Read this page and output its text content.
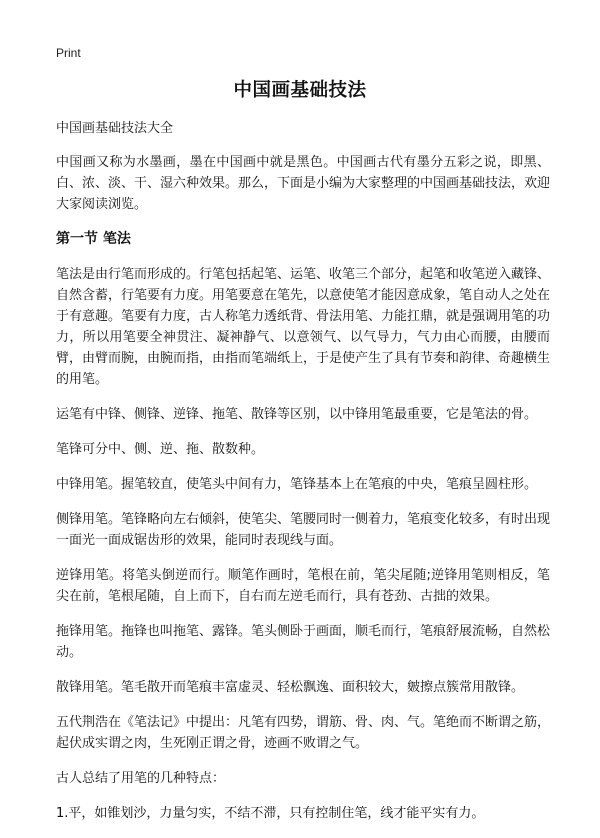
Print
中国画基础技法

中国画基础技法大全

中国画又称为水墨画，墨在中国画中就是黑色。中国画古代有墨分五彩之说，即黑、白、浓、淡、干、湿六种效果。那么，下面是小编为大家整理的中国画基础技法，欢迎大家阅读浏览。

第一节 笔法

笔法是由行笔而形成的。行笔包括起笔、运笔、收笔三个部分，起笔和收笔逆入藏锋、自然含蓄，行笔要有力度。用笔要意在笔先，以意使笔才能因意成象，笔自动人之处在于有意趣。笔要有力度，古人称笔力透纸背、骨法用笔、力能扛鼎，就是强调用笔的功力，所以用笔要全神贯注、凝神静气、以意领气、以气导力，气力由心而腰，由腰而臂，由臂而腕，由腕而指，由指而笔端纸上，于是使产生了具有节奏和韵律、奇趣横生的用笔。

运笔有中锋、侧锋、逆锋、拖笔、散锋等区别，以中锋用笔最重要，它是笔法的骨。

笔锋可分中、侧、逆、拖、散数种。

中锋用笔。握笔较直，使笔头中间有力，笔锋基本上在笔痕的中央，笔痕呈圆柱形。

侧锋用笔。笔锋略向左右倾斜，使笔尖、笔腰同时一侧着力，笔痕变化较多，有时出现一面光一面成锯齿形的效果，能同时表现线与面。

逆锋用笔。将笔头倒逆而行。顺笔作画时，笔根在前，笔尖尾随;逆锋用笔则相反，笔尖在前，笔根尾随，自上而下，自右而左逆毛而行，具有苍劲、古拙的效果。

拖锋用笔。拖锋也叫拖笔、露锋。笔头侧卧于画面，顺毛而行，笔痕舒展流畅，自然松动。

散锋用笔。笔毛散开而笔痕丰富虚灵、轻松飘逸、面积较大，皴擦点簇常用散锋。

五代荆浩在《笔法记》中提出：凡笔有四势，谓筋、骨、肉、气。笔绝而不断谓之筋，起伏成实谓之肉，生死刚正谓之骨，迹画不败谓之气。

古人总结了用笔的几种特点：

1.平，如锥划沙，力量匀实，不结不滞，只有控制住笔，线才能平实有力。
